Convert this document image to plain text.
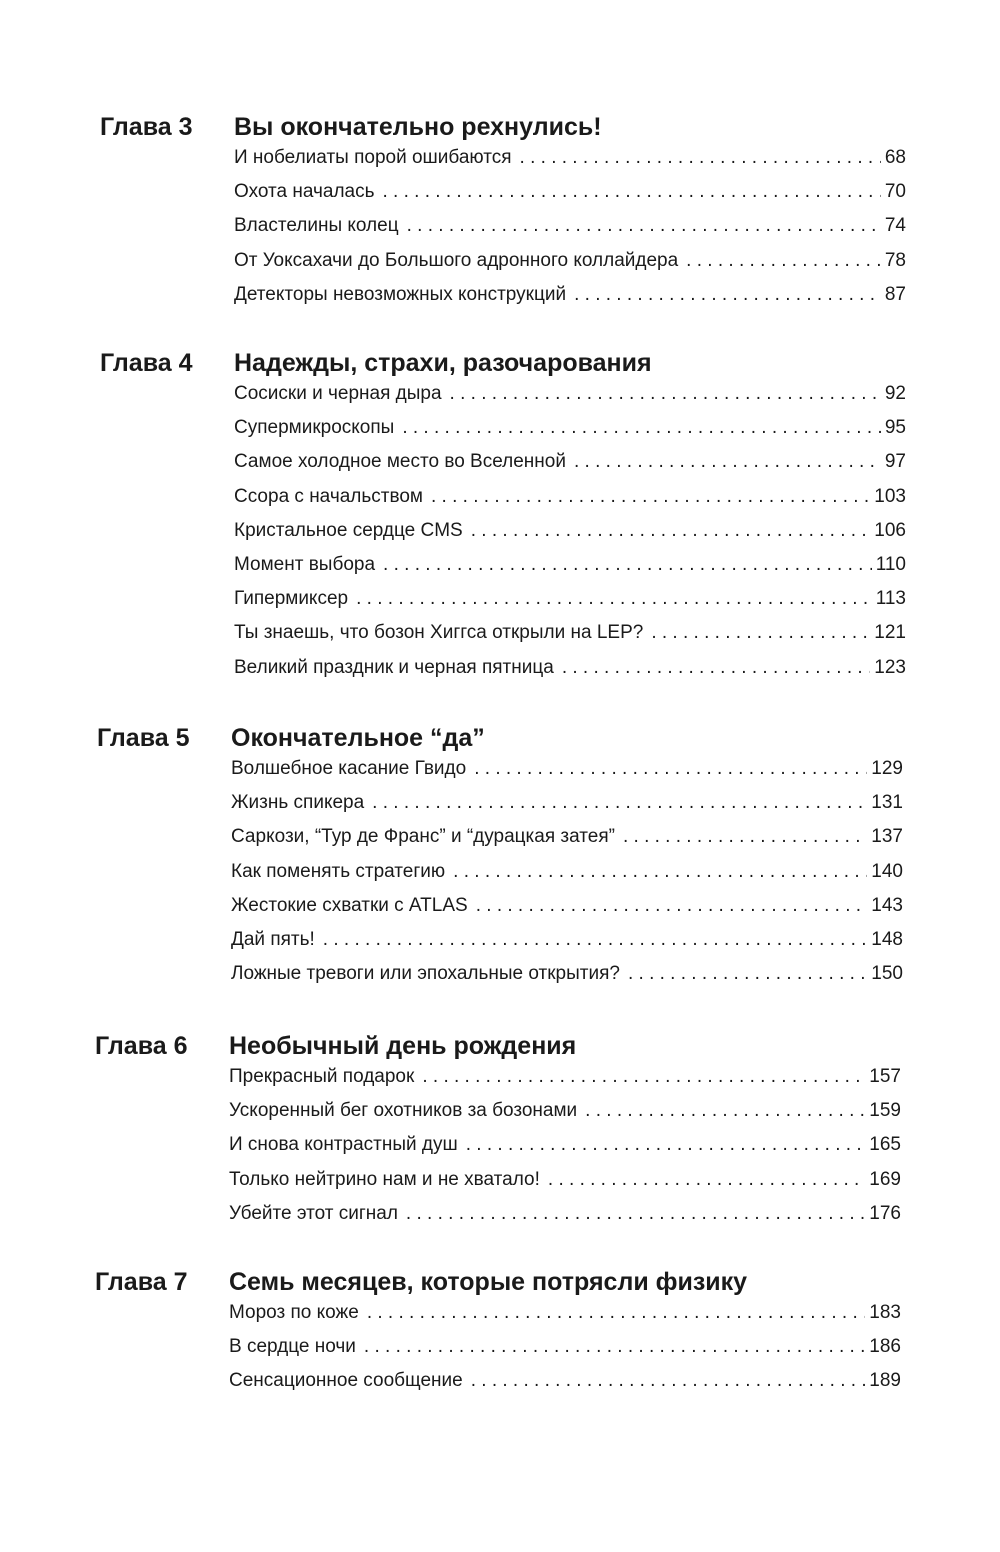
Глава 3	Вы окончательно рехнулись!
И нобелиаты порой ошибаются . . .	68
Охота началась . . .	70
Властелины колец . . .	74
От Уоксахачи до Большого адронного коллайдера . . .	78
Детекторы невозможных конструкций . . .	87
Глава 4	Надежды, страхи, разочарования
Сосиски и черная дыра . . .	92
Супермикроскопы . . .	95
Самое холодное место во Вселенной . . .	97
Ссора с начальством . . .	103
Кристальное сердце CMS . . .	106
Момент выбора . . .	110
Гипермиксер . . .	113
Ты знаешь, что бозон Хиггса открыли на LEP? . . .	121
Великий праздник и черная пятница . . .	123
Глава 5	Окончательное “да”
Волшебное касание Гвидо . . .	129
Жизнь спикера . . .	131
Саркози, “Тур де Франс” и “дурацкая затея” . . .	137
Как поменять стратегию . . .	140
Жестокие схватки с ATLAS . . .	143
Дай пять! . . .	148
Ложные тревоги или эпохальные открытия? . . .	150
Глава 6	Необычный день рождения
Прекрасный подарок . . .	157
Ускоренный бег охотников за бозонами . . .	159
И снова контрастный душ . . .	165
Только нейтрино нам и не хватало! . . .	169
Убейте этот сигнал . . .	176
Глава 7	Семь месяцев, которые потрясли физику
Мороз по коже . . .	183
В сердце ночи . . .	186
Сенсационное сообщение . . .	189
